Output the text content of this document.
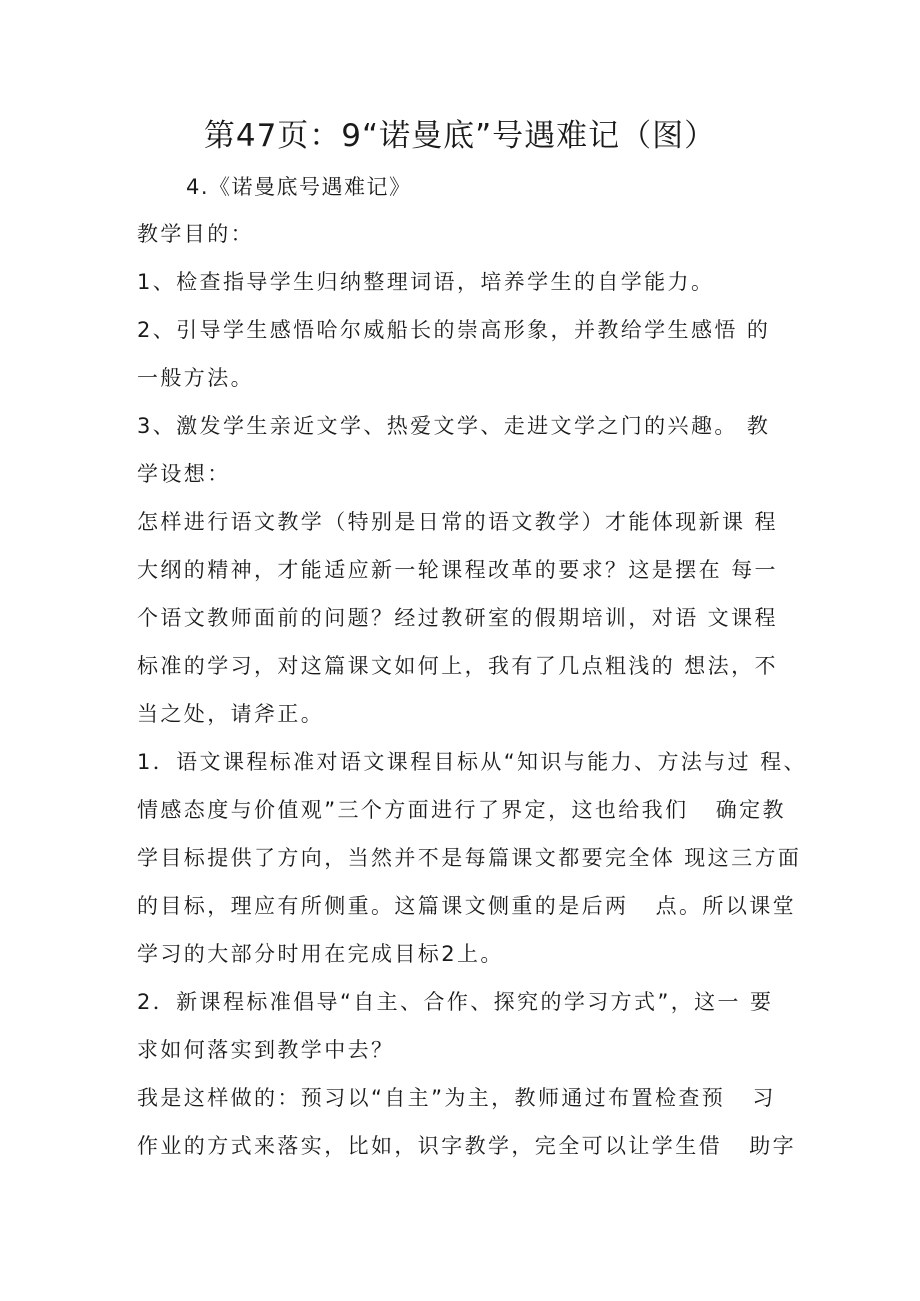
第47页：9“诺曼底”号遇难记（图）
4.《诺曼底号遇难记》
教学目的：
1、检查指导学生归纳整理词语，培养学生的自学能力。
2、引导学生感悟哈尔威船长的崇高形象，并教给学生感悟 的
一般方法。
3、激发学生亲近文学、热爱文学、走进文学之门的兴趣。 教
学设想：
怎样进行语文教学（特别是日常的语文教学）才能体现新课 程
大纲的精神，才能适应新一轮课程改革的要求？这是摆在 每一
个语文教师面前的问题？经过教研室的假期培训，对语 文课程
标准的学习，对这篇课文如何上，我有了几点粗浅的 想法，不
当之处，请斧正。
1．语文课程标准对语文课程目标从“知识与能力、方法与过 程、
情感态度与价值观”三个方面进行了界定，这也给我们   确定教
学目标提供了方向，当然并不是每篇课文都要完全体 现这三方面
的目标，理应有所侧重。这篇课文侧重的是后两   点。所以课堂
学习的大部分时用在完成目标2上。
2．新课程标准倡导“自主、合作、探究的学习方式”，这一 要
求如何落实到教学中去？
我是这样做的：预习以“自主”为主，教师通过布置检查预   习
作业的方式来落实，比如，识字教学，完全可以让学生借   助字
